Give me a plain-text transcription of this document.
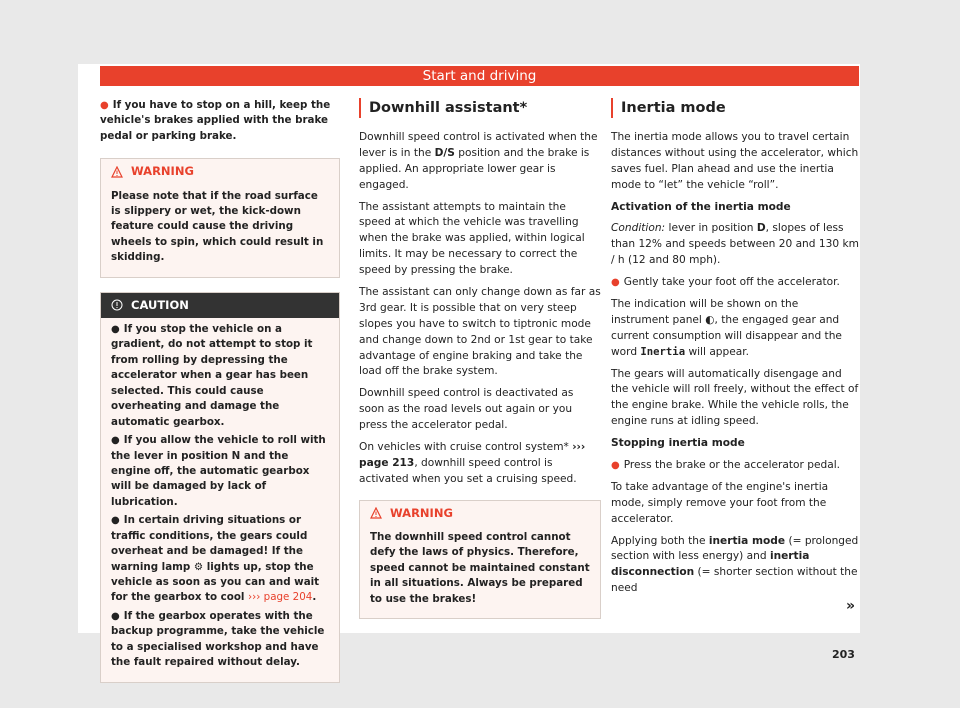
Start and driving

● If you have to stop on a hill, keep the vehicle's brakes applied with the brake pedal or parking brake.

WARNING

Please note that if the road surface is slippery or wet, the kick-down feature could cause the driving wheels to spin, which could result in skidding.

CAUTION

● If you stop the vehicle on a gradient, do not attempt to stop it from rolling by depressing the accelerator when a gear has been selected. This could cause overheating and damage the automatic gearbox.

● If you allow the vehicle to roll with the lever in position N and the engine off, the automatic gearbox will be damaged by lack of lubrication.

● In certain driving situations or traffic conditions, the gears could overheat and be damaged! If the warning lamp ⚙ lights up, stop the vehicle as soon as you can and wait for the gearbox to cool ››› page 204.

● If the gearbox operates with the backup programme, take the vehicle to a specialised workshop and have the fault repaired without delay.

Downhill assistant*

Downhill speed control is activated when the lever is in the D/S position and the brake is applied. An appropriate lower gear is engaged.

The assistant attempts to maintain the speed at which the vehicle was travelling when the brake was applied, within logical limits. It may be necessary to correct the speed by pressing the brake.

The assistant can only change down as far as 3rd gear. It is possible that on very steep slopes you have to switch to tiptronic mode and change down to 2nd or 1st gear to take advantage of engine braking and take the load off the brake system.

Downhill speed control is deactivated as soon as the road levels out again or you press the accelerator pedal.

On vehicles with cruise control system* ››› page 213, downhill speed control is activated when you set a cruising speed.

WARNING

The downhill speed control cannot defy the laws of physics. Therefore, speed cannot be maintained constant in all situations. Always be prepared to use the brakes!

Inertia mode

The inertia mode allows you to travel certain distances without using the accelerator, which saves fuel. Plan ahead and use the inertia mode to “let” the vehicle “roll”.

Activation of the inertia mode

Condition: lever in position D, slopes of less than 12% and speeds between 20 and 130 km / h (12 and 80 mph).

● Gently take your foot off the accelerator.

The indication will be shown on the instrument panel ◐, the engaged gear and current consumption will disappear and the word Inertia will appear.

The gears will automatically disengage and the vehicle will roll freely, without the effect of the engine brake. While the vehicle rolls, the engine runs at idling speed.

Stopping inertia mode

● Press the brake or the accelerator pedal.

To take advantage of the engine's inertia mode, simply remove your foot from the accelerator.

Applying both the inertia mode (= prolonged section with less energy) and inertia disconnection (= shorter section without the need

»
203
